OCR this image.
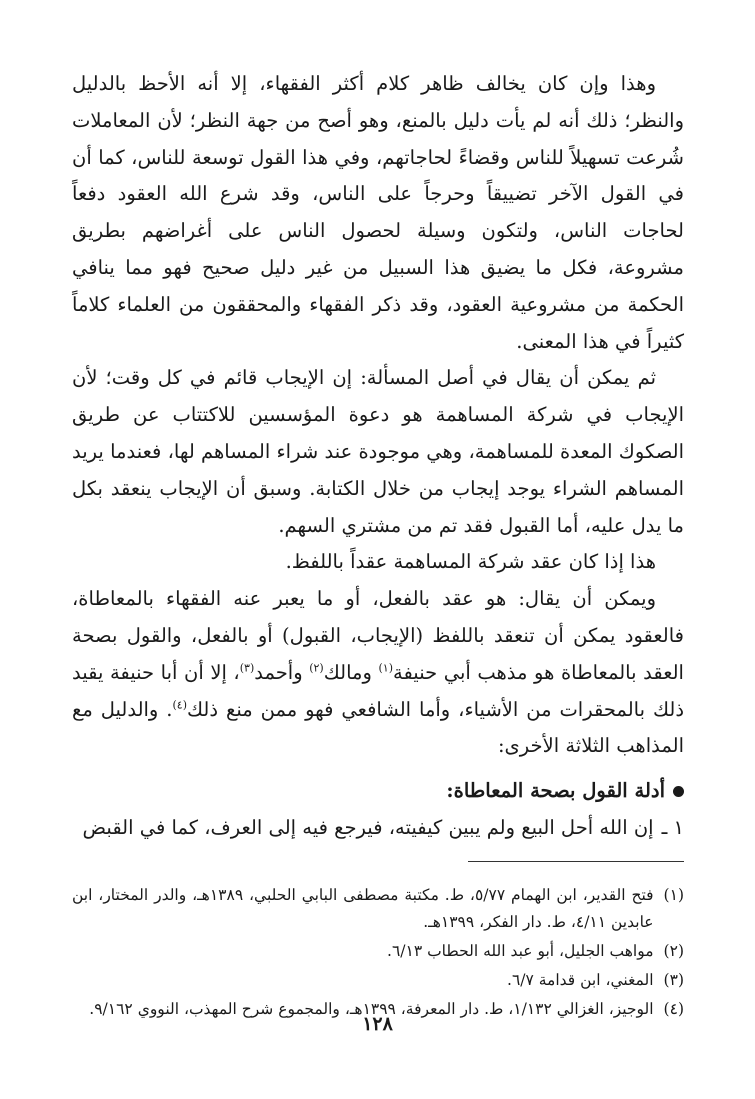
وهذا وإن كان يخالف ظاهر كلام أكثر الفقهاء، إلا أنه الأحظ بالدليل والنظر؛ ذلك أنه لم يأت دليل بالمنع، وهو أصح من جهة النظر؛ لأن المعاملات شُرعت تسهيلاً للناس وقضاءً لحاجاتهم، وفي هذا القول توسعة للناس، كما أن في القول الآخر تضييقاً وحرجاً على الناس، وقد شرع الله العقود دفعاً لحاجات الناس، ولتكون وسيلة لحصول الناس على أغراضهم بطريق مشروعة، فكل ما يضيق هذا السبيل من غير دليل صحيح فهو مما ينافي الحكمة من مشروعية العقود، وقد ذكر الفقهاء والمحققون من العلماء كلاماً كثيراً في هذا المعنى.

ثم يمكن أن يقال في أصل المسألة: إن الإيجاب قائم في كل وقت؛ لأن الإيجاب في شركة المساهمة هو دعوة المؤسسين للاكتتاب عن طريق الصكوك المعدة للمساهمة، وهي موجودة عند شراء المساهم لها، فعندما يريد المساهم الشراء يوجد إيجاب من خلال الكتابة. وسبق أن الإيجاب ينعقد بكل ما يدل عليه، أما القبول فقد تم من مشتري السهم.

هذا إذا كان عقد شركة المساهمة عقداً باللفظ.

ويمكن أن يقال: هو عقد بالفعل، أو ما يعبر عنه الفقهاء بالمعاطاة، فالعقود يمكن أن تنعقد باللفظ (الإيجاب، القبول) أو بالفعل، والقول بصحة العقد بالمعاطاة هو مذهب أبي حنيفة$^{(١)}$ ومالك$^{(٢)}$ وأحمد$^{(٣)}$، إلا أن أبا حنيفة يقيد ذلك بالمحقرات من الأشياء، وأما الشافعي فهو ممن منع ذلك$^{(٤)}$. والدليل مع المذاهب الثلاثة الأخرى:

أدلة القول بصحة المعاطاة:

١ ـ
إن الله أحل البيع ولم يبين كيفيته، فيرجع فيه إلى العرف، كما في القبض

(١)
فتح القدير، ابن الهمام ٥/٧٧، ط. مكتبة مصطفى البابي الحلبي، ١٣٨٩هـ، والدر المختار، ابن عابدين ٤/١١، ط. دار الفكر، ١٣٩٩هـ.
(٢)
مواهب الجليل، أبو عبد الله الحطاب ٦/١٣.
(٣)
المغني، ابن قدامة ٦/٧.
(٤)
الوجيز، الغزالي ١/١٣٢، ط. دار المعرفة، ١٣٩٩هـ، والمجموع شرح المهذب، النووي ٩/١٦٢.
١٢٨
